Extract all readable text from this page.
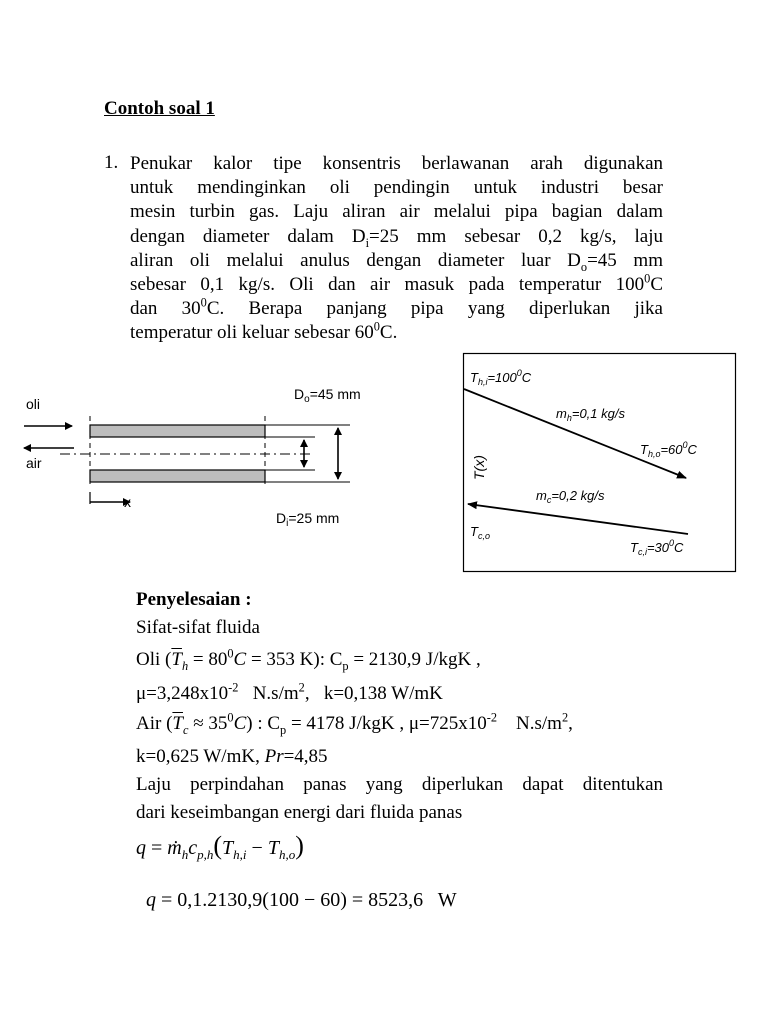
Contoh soal 1
1. Penukar kalor tipe konsentris berlawanan arah digunakan
untuk mendinginkan oli pendingin untuk industri besar
mesin turbin gas. Laju aliran air melalui pipa bagian dalam
dengan diameter dalam $D_i=25$ mm sebesar 0,2 kg/s, laju
aliran oli melalui anulus dengan diameter luar $D_o=45$ mm
sebesar 0,1 kg/s. Oli dan air masuk pada temperatur $100^0C$
dan $30^0C$. Berapa panjang pipa yang diperlukan jika
temperatur oli keluar sebesar $60^0C$.
oli
air
$D_o=45$ mm
$D_i=25$ mm
x
T(x)
$T_{h,i}=100^0C$
$m_h=0,1$ kg/s
$T_{h,o}=60^0C$
$m_c=0,2$ kg/s
$T_{c,o}$
$T_{c,i}=30^0C$
Penyelesaian :
Sifat-sifat fluida
Oli ($\overline{T}_h = 80^0C = 353$ K): $C_p = 2130,9$ J/kgK ,
$\mu=3,248x10^{-2}$   $N.s/m^2$,   k=0,138 W/mK
Air $(\overline{T}_c \approx 35^0C)$ : $C_p = 4178$ J/kgK , $\mu=725x10^{-2}$    $N.s/m^2$,
k=0,625 W/mK, Pr=4,85
Laju perpindahan panas yang diperlukan dapat ditentukan
dari keseimbangan energi dari fluida panas
$q = ṁ_hc_{p,h}(T_{h,i} - T_{h,o})$

q = 0,1.2130,9(100 − 60) = 8523,6   W
